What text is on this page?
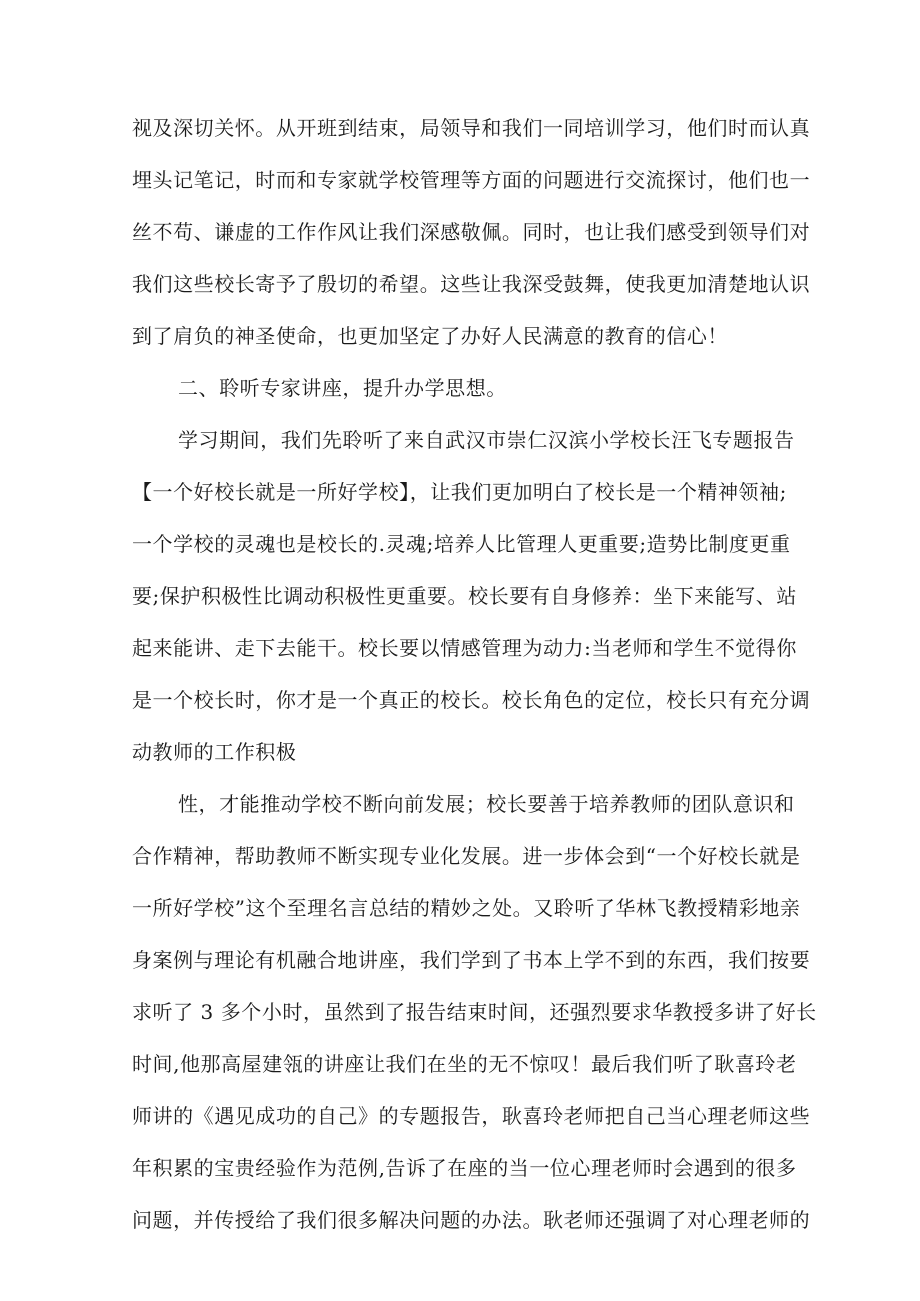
视及深切关怀。从开班到结束，局领导和我们一同培训学习，他们时而认真
埋头记笔记，时而和专家就学校管理等方面的问题进行交流探讨，他们也一
丝不苟、谦虚的工作作风让我们深感敬佩。同时，也让我们感受到领导们对
我们这些校长寄予了殷切的希望。这些让我深受鼓舞，使我更加清楚地认识
到了肩负的神圣使命，也更加坚定了办好人民满意的教育的信心！
二、聆听专家讲座，提升办学思想。
学习期间，我们先聆听了来自武汉市崇仁汉滨小学校长汪飞专题报告
【一个好校长就是一所好学校】，让我们更加明白了校长是一个精神领袖;
一个学校的灵魂也是校长的.灵魂;培养人比管理人更重要;造势比制度更重
要;保护积极性比调动积极性更重要。校长要有自身修养：坐下来能写、站
起来能讲、走下去能干。校长要以情感管理为动力:当老师和学生不觉得你
是一个校长时，你才是一个真正的校长。校长角色的定位，校长只有充分调
动教师的工作积极
性，才能推动学校不断向前发展；校长要善于培养教师的团队意识和
合作精神，帮助教师不断实现专业化发展。进一步体会到“一个好校长就是
一所好学校”这个至理名言总结的精妙之处。又聆听了华林飞教授精彩地亲
身案例与理论有机融合地讲座，我们学到了书本上学不到的东西，我们按要
求听了 3 多个小时，虽然到了报告结束时间，还强烈要求华教授多讲了好长
时间,他那高屋建瓴的讲座让我们在坐的无不惊叹！最后我们听了耿喜玲老
师讲的《遇见成功的自己》的专题报告，耿喜玲老师把自己当心理老师这些
年积累的宝贵经验作为范例,告诉了在座的当一位心理老师时会遇到的很多
问题，并传授给了我们很多解决问题的办法。耿老师还强调了对心理老师的
